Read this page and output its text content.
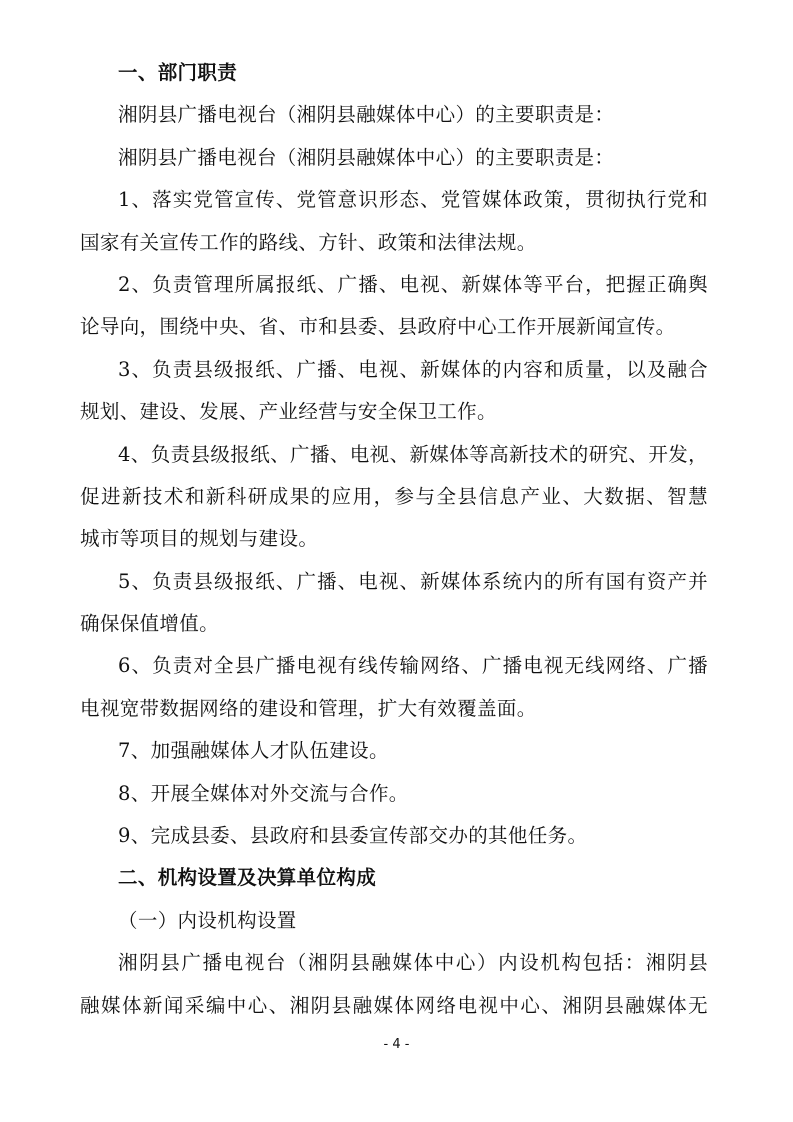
一、部门职责
湘阴县广播电视台（湘阴县融媒体中心）的主要职责是：
湘阴县广播电视台（湘阴县融媒体中心）的主要职责是：
1、落实党管宣传、党管意识形态、党管媒体政策，贯彻执行党和
国家有关宣传工作的路线、方针、政策和法律法规。
2、负责管理所属报纸、广播、电视、新媒体等平台，把握正确舆
论导向，围绕中央、省、市和县委、县政府中心工作开展新闻宣传。
3、负责县级报纸、广播、电视、新媒体的内容和质量，以及融合
规划、建设、发展、产业经营与安全保卫工作。
4、负责县级报纸、广播、电视、新媒体等高新技术的研究、开发，
促进新技术和新科研成果的应用，参与全县信息产业、大数据、智慧
城市等项目的规划与建设。
5、负责县级报纸、广播、电视、新媒体系统内的所有国有资产并
确保保值增值。
6、负责对全县广播电视有线传输网络、广播电视无线网络、广播
电视宽带数据网络的建设和管理，扩大有效覆盖面。
7、加强融媒体人才队伍建设。
8、开展全媒体对外交流与合作。
9、完成县委、县政府和县委宣传部交办的其他任务。
二、机构设置及决算单位构成
（一）内设机构设置
湘阴县广播电视台（湘阴县融媒体中心）内设机构包括：湘阴县
融媒体新闻采编中心、湘阴县融媒体网络电视中心、湘阴县融媒体无
- 4 -
